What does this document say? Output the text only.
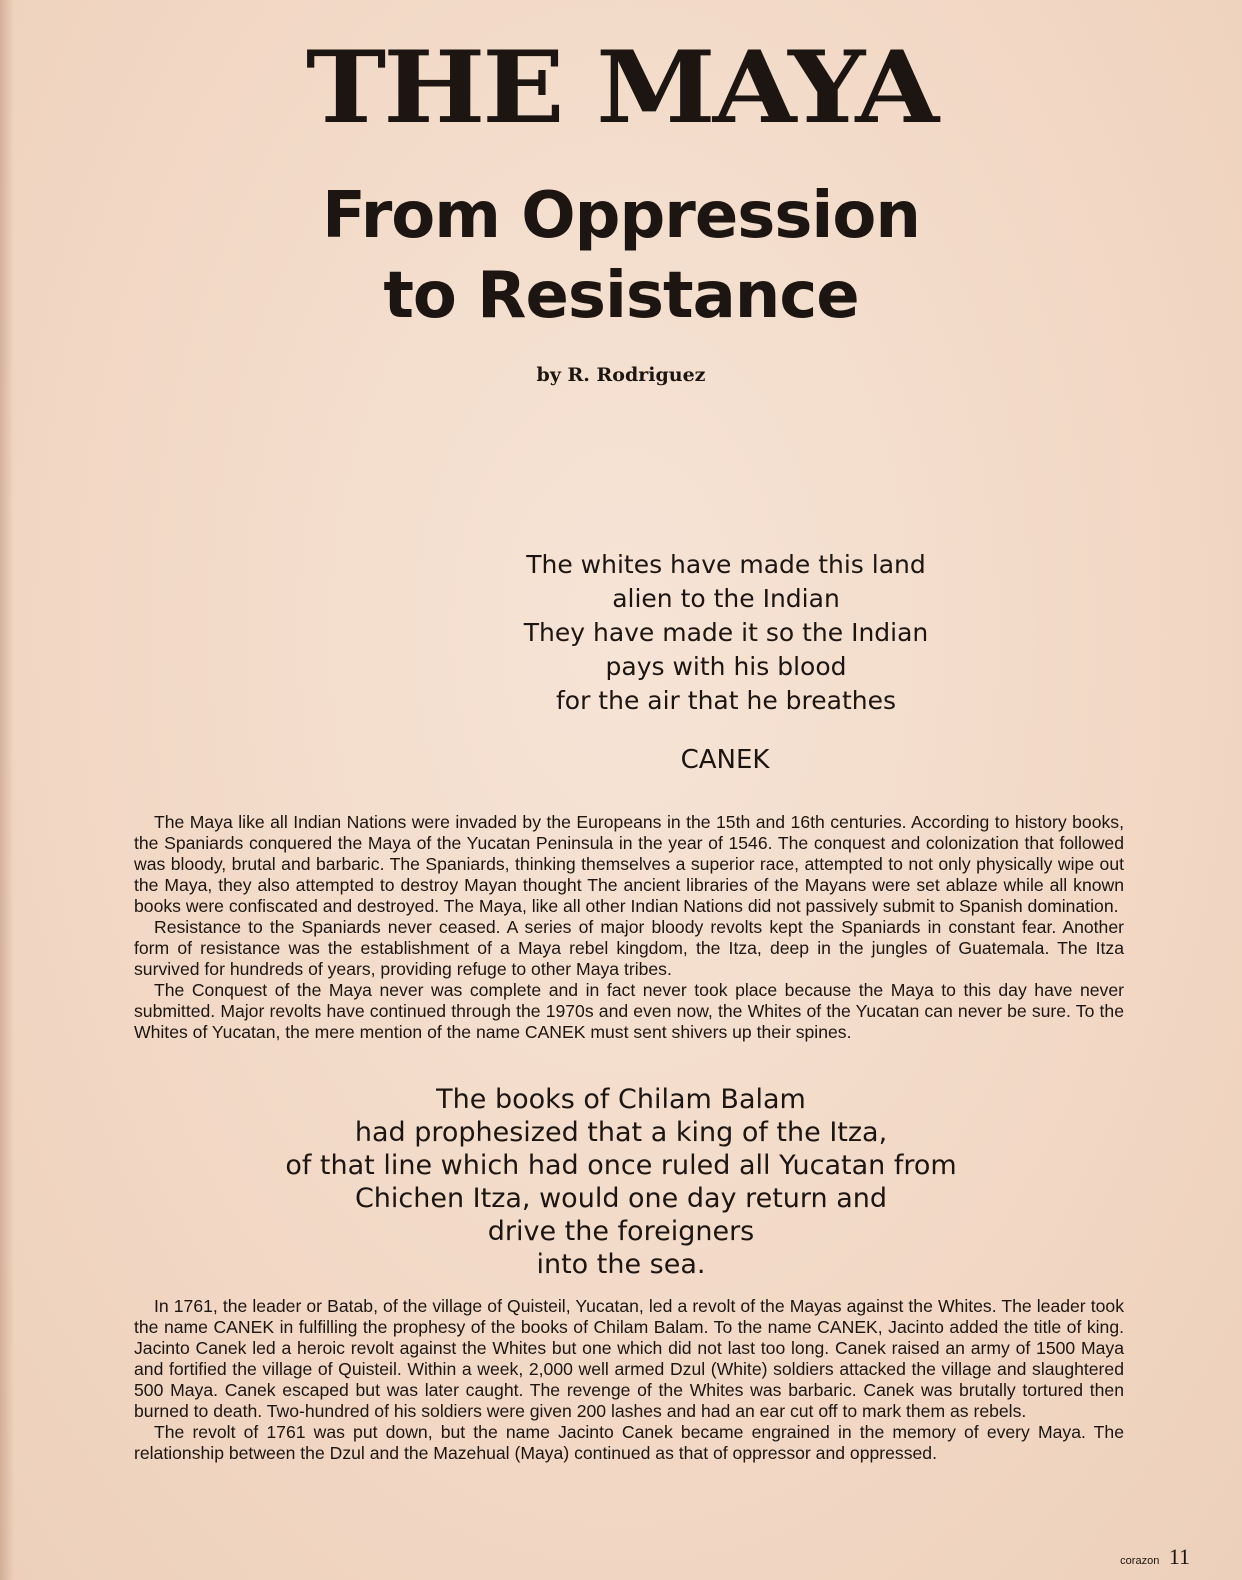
THE MAYA
From Oppression
to Resistance
by R. Rodriguez
The whites have made this land
alien to the Indian
They have made it so the Indian
pays with his blood
for the air that he breathes
CANEK

The Maya like all Indian Nations were invaded by the Europeans in the 15th and 16th centuries. According to history books, the Spaniards conquered the Maya of the Yucatan Peninsula in the year of 1546. The conquest and colonization that followed was bloody, brutal and barbaric. The Spaniards, thinking themselves a superior race, attempted to not only physically wipe out the Maya, they also attempted to destroy Mayan thought The ancient libraries of the Mayans were set ablaze while all known books were confiscated and destroyed. The Maya, like all other Indian Nations did not passively submit to Spanish domination.

Resistance to the Spaniards never ceased. A series of major bloody revolts kept the Spaniards in constant fear. Another form of resistance was the establishment of a Maya rebel kingdom, the Itza, deep in the jungles of Guatemala. The Itza survived for hundreds of years, providing refuge to other Maya tribes.

The Conquest of the Maya never was complete and in fact never took place because the Maya to this day have never submitted. Major revolts have continued through the 1970s and even now, the Whites of the Yucatan can never be sure. To the Whites of Yucatan, the mere mention of the name CANEK must sent shivers up their spines.

The books of Chilam Balam
had prophesized that a king of the Itza,
of that line which had once ruled all Yucatan from
Chichen Itza, would one day return and
drive the foreigners
into the sea.

In 1761, the leader or Batab, of the village of Quisteil, Yucatan, led a revolt of the Mayas against the Whites. The leader took the name CANEK in fulfilling the prophesy of the books of Chilam Balam. To the name CANEK, Jacinto added the title of king. Jacinto Canek led a heroic revolt against the Whites but one which did not last too long. Canek raised an army of 1500 Maya and fortified the village of Quisteil. Within a week, 2,000 well armed Dzul (White) soldiers attacked the village and slaughtered 500 Maya. Canek escaped but was later caught. The revenge of the Whites was barbaric. Canek was brutally tortured then burned to death. Two-hundred of his soldiers were given 200 lashes and had an ear cut off to mark them as rebels.

The revolt of 1761 was put down, but the name Jacinto Canek became engrained in the memory of every Maya. The relationship between the Dzul and the Mazehual (Maya) continued as that of oppressor and oppressed.

corazon 11
